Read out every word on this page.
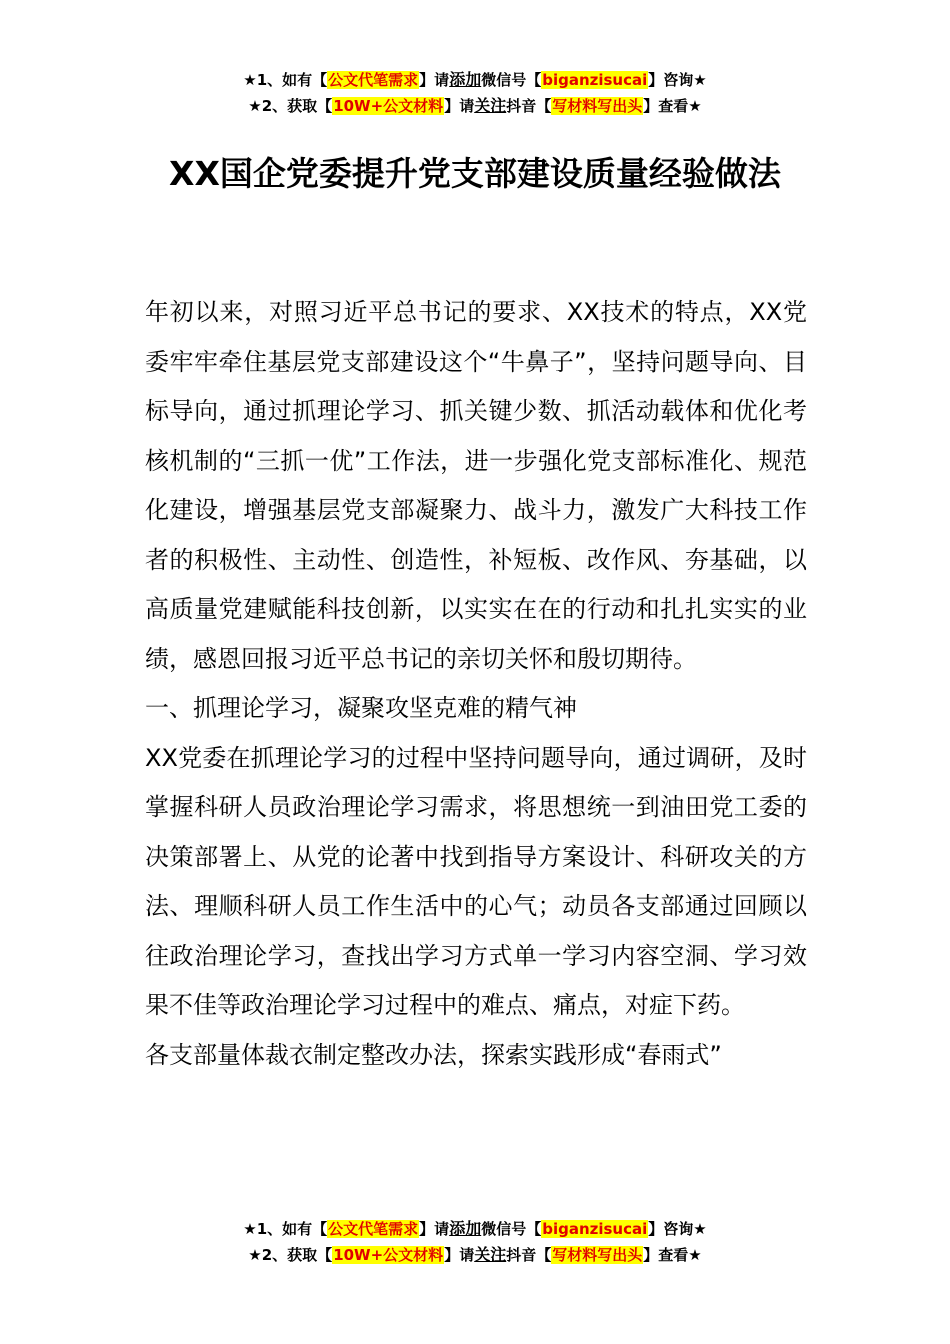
★1、如有【公文代笔需求】请添加微信号【biganzisucai】咨询★
★2、获取【10W+公文材料】请关注抖音【写材料写出头】查看★
XX国企党委提升党支部建设质量经验做法

年初以来，对照习近平总书记的要求、XX技术的特点，XX党委牢牢牵住基层党支部建设这个“牛鼻子”，坚持问题导向、目标导向，通过抓理论学习、抓关键少数、抓活动载体和优化考核机制的“三抓一优”工作法，进一步强化党支部标准化、规范化建设，增强基层党支部凝聚力、战斗力，激发广大科技工作者的积极性、主动性、创造性，补短板、改作风、夯基础，以高质量党建赋能科技创新，以实实在在的行动和扎扎实实的业绩，感恩回报习近平总书记的亲切关怀和殷切期待。

一、抓理论学习，凝聚攻坚克难的精气神

XX党委在抓理论学习的过程中坚持问题导向，通过调研，及时掌握科研人员政治理论学习需求，将思想统一到油田党工委的决策部署上、从党的论著中找到指导方案设计、科研攻关的方法、理顺科研人员工作生活中的心气；动员各支部通过回顾以往政治理论学习，查找出学习方式单一学习内容空洞、学习效果不佳等政治理论学习过程中的难点、痛点，对症下药。

各支部量体裁衣制定整改办法，探索实践形成“春雨式”

★1、如有【公文代笔需求】请添加微信号【biganzisucai】咨询★
★2、获取【10W+公文材料】请关注抖音【写材料写出头】查看★
